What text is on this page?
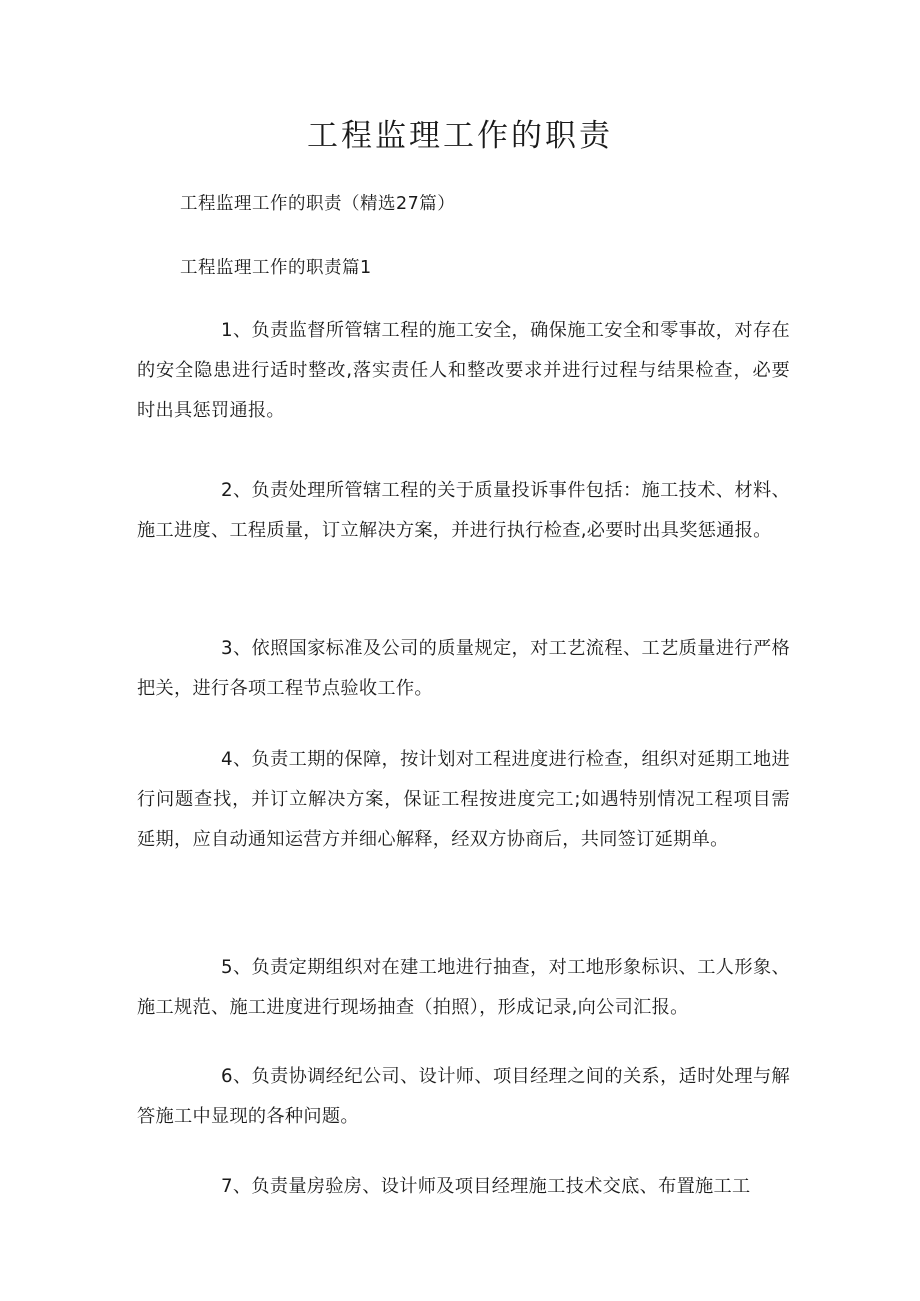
工程监理工作的职责
工程监理工作的职责（精选27篇）
工程监理工作的职责篇1

1、负责监督所管辖工程的施工安全，确保施工安全和零事故，对存在的安全隐患进行适时整改,落实责任人和整改要求并进行过程与结果检查，必要时出具惩罚通报。

2、负责处理所管辖工程的关于质量投诉事件包括：施工技术、材料、施工进度、工程质量，订立解决方案，并进行执行检查,必要时出具奖惩通报。

3、依照国家标准及公司的质量规定，对工艺流程、工艺质量进行严格把关，进行各项工程节点验收工作。

4、负责工期的保障，按计划对工程进度进行检查，组织对延期工地进行问题查找，并订立解决方案，保证工程按进度完工;如遇特别情况工程项目需延期，应自动通知运营方并细心解释，经双方协商后，共同签订延期单。

5、负责定期组织对在建工地进行抽查，对工地形象标识、工人形象、施工规范、施工进度进行现场抽查（拍照），形成记录,向公司汇报。

6、负责协调经纪公司、设计师、项目经理之间的关系，适时处理与解答施工中显现的各种问题。

7、负责量房验房、设计师及项目经理施工技术交底、布置施工工
